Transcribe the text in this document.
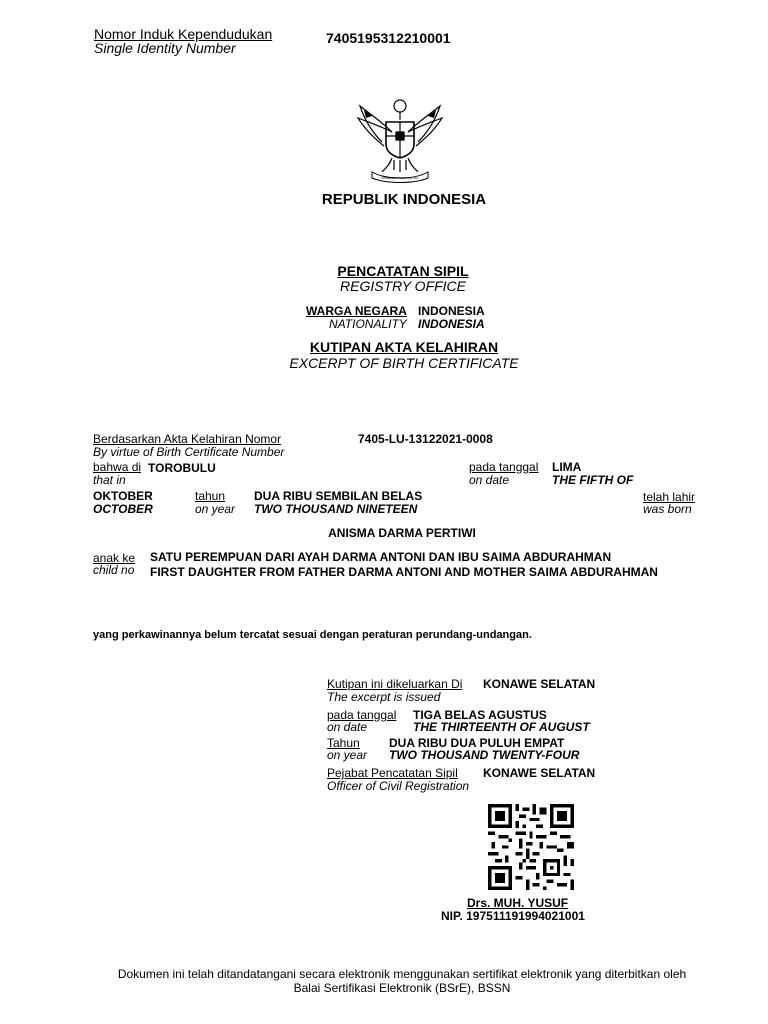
Nomor Induk Kependudukan
Single Identity Number
7405195312210001
BHINNEKA TUNGGAL IKA
REPUBLIK INDONESIA
PENCATATAN SIPIL
REGISTRY OFFICE
WARGA NEGARA INDONESIA
NATIONALITY INDONESIA
KUTIPAN AKTA KELAHIRAN
EXCERPT OF BIRTH CERTIFICATE
Berdasarkan Akta Kelahiran Nomor
By virtue of Birth Certificate Number
7405-LU-13122021-0008
bahwa di TOROBULU
that in
pada tanggal
on date
LIMA
THE FIFTH OF
OKTOBER
OCTOBER
tahun
on year
DUA RIBU SEMBILAN BELAS
TWO THOUSAND NINETEEN
telah lahir
was born
ANISMA DARMA PERTIWI
anak ke
child no
SATU PEREMPUAN DARI AYAH DARMA ANTONI DAN IBU SAIMA ABDURAHMAN
FIRST DAUGHTER FROM FATHER DARMA ANTONI AND MOTHER SAIMA ABDURAHMAN
yang perkawinannya belum tercatat sesuai dengan peraturan perundang-undangan.
Kutipan ini dikeluarkan Di
The excerpt is issued
KONAWE SELATAN
pada tanggal
on date
TIGA BELAS AGUSTUS
THE THIRTEENTH OF AUGUST
Tahun
on year
DUA RIBU DUA PULUH EMPAT
TWO THOUSAND TWENTY-FOUR
Pejabat Pencatatan Sipil
Officer of Civil Registration
KONAWE SELATAN
Drs. MUH. YUSUF
NIP. 197511191994021001
Dokumen ini telah ditandatangani secara elektronik menggunakan sertifikat elektronik yang diterbitkan oleh
Balai Sertifikasi Elektronik (BSrE), BSSN
